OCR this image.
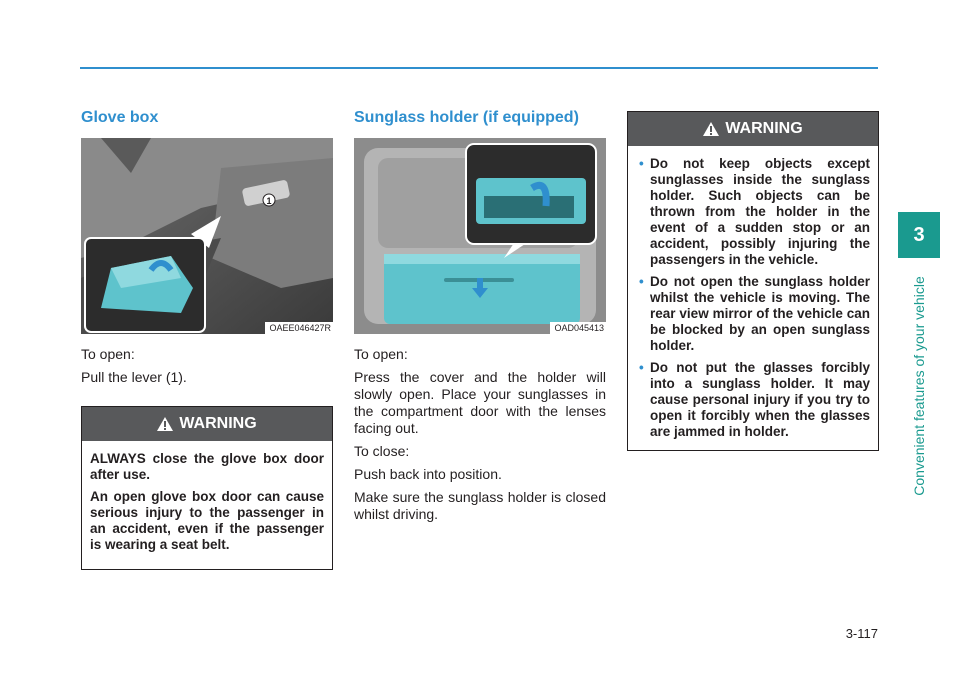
Glove box
1
OAEE046427R

To open:

Pull the lever (1).

WARNING

ALWAYS close the glove box door after use.

An open glove box door can cause serious injury to the passenger in an accident, even if the passenger is wearing a seat belt.

Sunglass holder (if equipped)
OAD045413

To open:

Press the cover and the holder will slowly open. Place your sunglasses in the compartment door with the lenses facing out.

To close:

Push back into position.

Make sure the sunglass holder is closed whilst driving.

WARNING
• Do not keep objects except sunglasses inside the sunglass holder. Such objects can be thrown from the holder in the event of a sudden stop or an accident, possibly injuring the passengers in the vehicle.
• Do not open the sunglass holder whilst the vehicle is moving. The rear view mirror of the vehicle can be blocked by an open sunglass holder.
• Do not put the glasses forcibly into a sunglass holder. It may cause personal injury if you try to open it forcibly when the glasses are jammed in holder.
3
Convenient features of your vehicle
3-117
